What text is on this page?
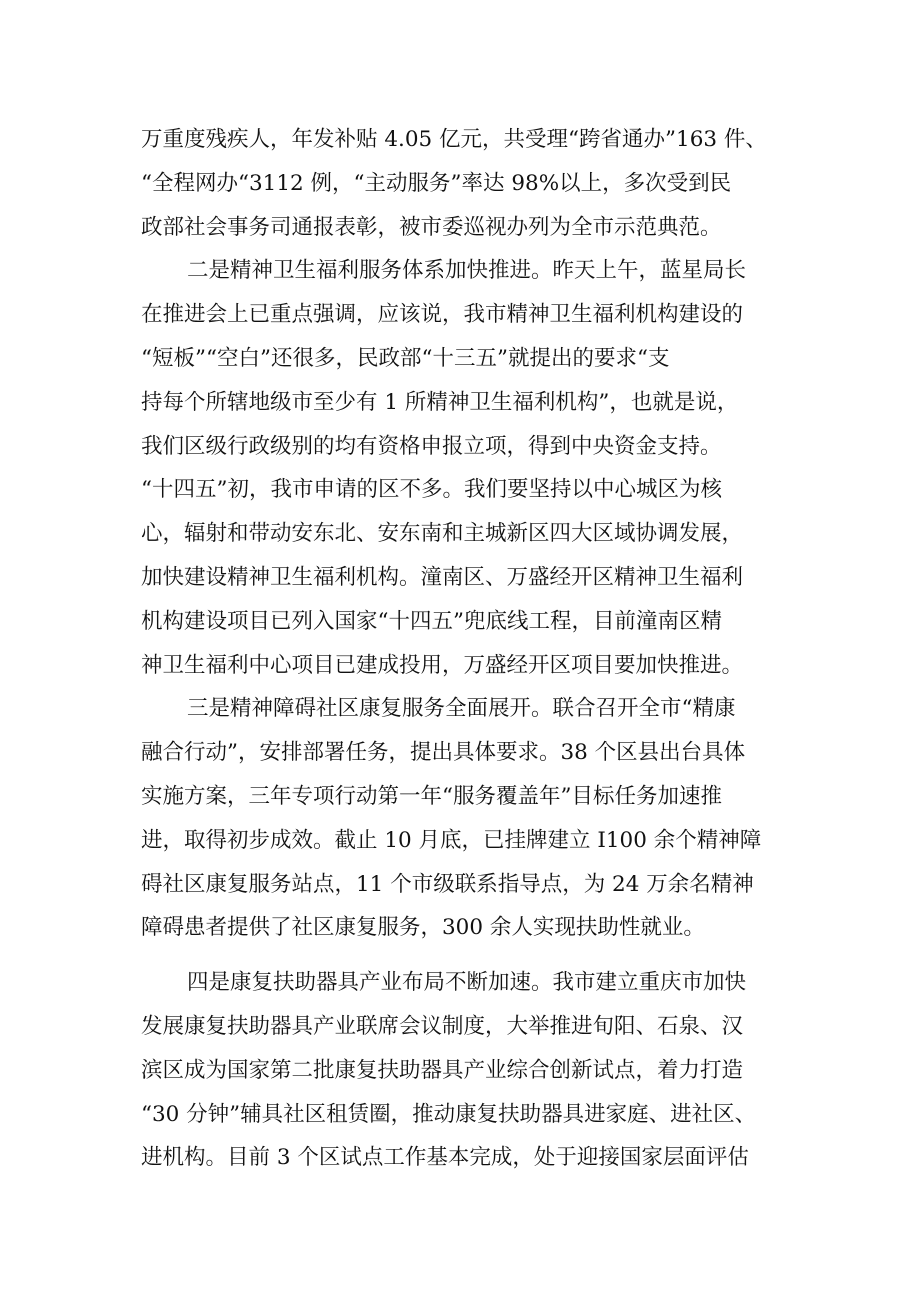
万重度残疾人，年发补贴 4.05 亿元，共受理“跨省通办”163 件、
“全程网办“3112 例，“主动服务”率达 98%以上，多次受到民
政部社会事务司通报表彰，被市委巡视办列为全市示范典范。
二是精神卫生福利服务体系加快推进。昨天上午，蓝星局长
在推进会上已重点强调，应该说，我市精神卫生福利机构建设的
“短板”“空白”还很多，民政部“十三五”就提出的要求“支
持每个所辖地级市至少有 1 所精神卫生福利机构”，也就是说，
我们区级行政级别的均有资格申报立项，得到中央资金支持。
“十四五”初，我市申请的区不多。我们要坚持以中心城区为核
心，辐射和带动安东北、安东南和主城新区四大区域协调发展，
加快建设精神卫生福利机构。潼南区、万盛经开区精神卫生福利
机构建设项目已列入国家“十四五”兜底线工程，目前潼南区精
神卫生福利中心项目已建成投用，万盛经开区项目要加快推进。
三是精神障碍社区康复服务全面展开。联合召开全市“精康
融合行动”，安排部署任务，提出具体要求。38 个区县出台具体
实施方案，三年专项行动第一年“服务覆盖年”目标任务加速推
进，取得初步成效。截止 10 月底，已挂牌建立 I100 余个精神障
碍社区康复服务站点，11 个市级联系指导点，为 24 万余名精神
障碍患者提供了社区康复服务，300 余人实现扶助性就业。
四是康复扶助器具产业布局不断加速。我市建立重庆市加快
发展康复扶助器具产业联席会议制度，大举推进旬阳、石泉、汉
滨区成为国家第二批康复扶助器具产业综合创新试点，着力打造
“30 分钟”辅具社区租赁圈，推动康复扶助器具进家庭、进社区、
进机构。目前 3 个区试点工作基本完成，处于迎接国家层面评估
